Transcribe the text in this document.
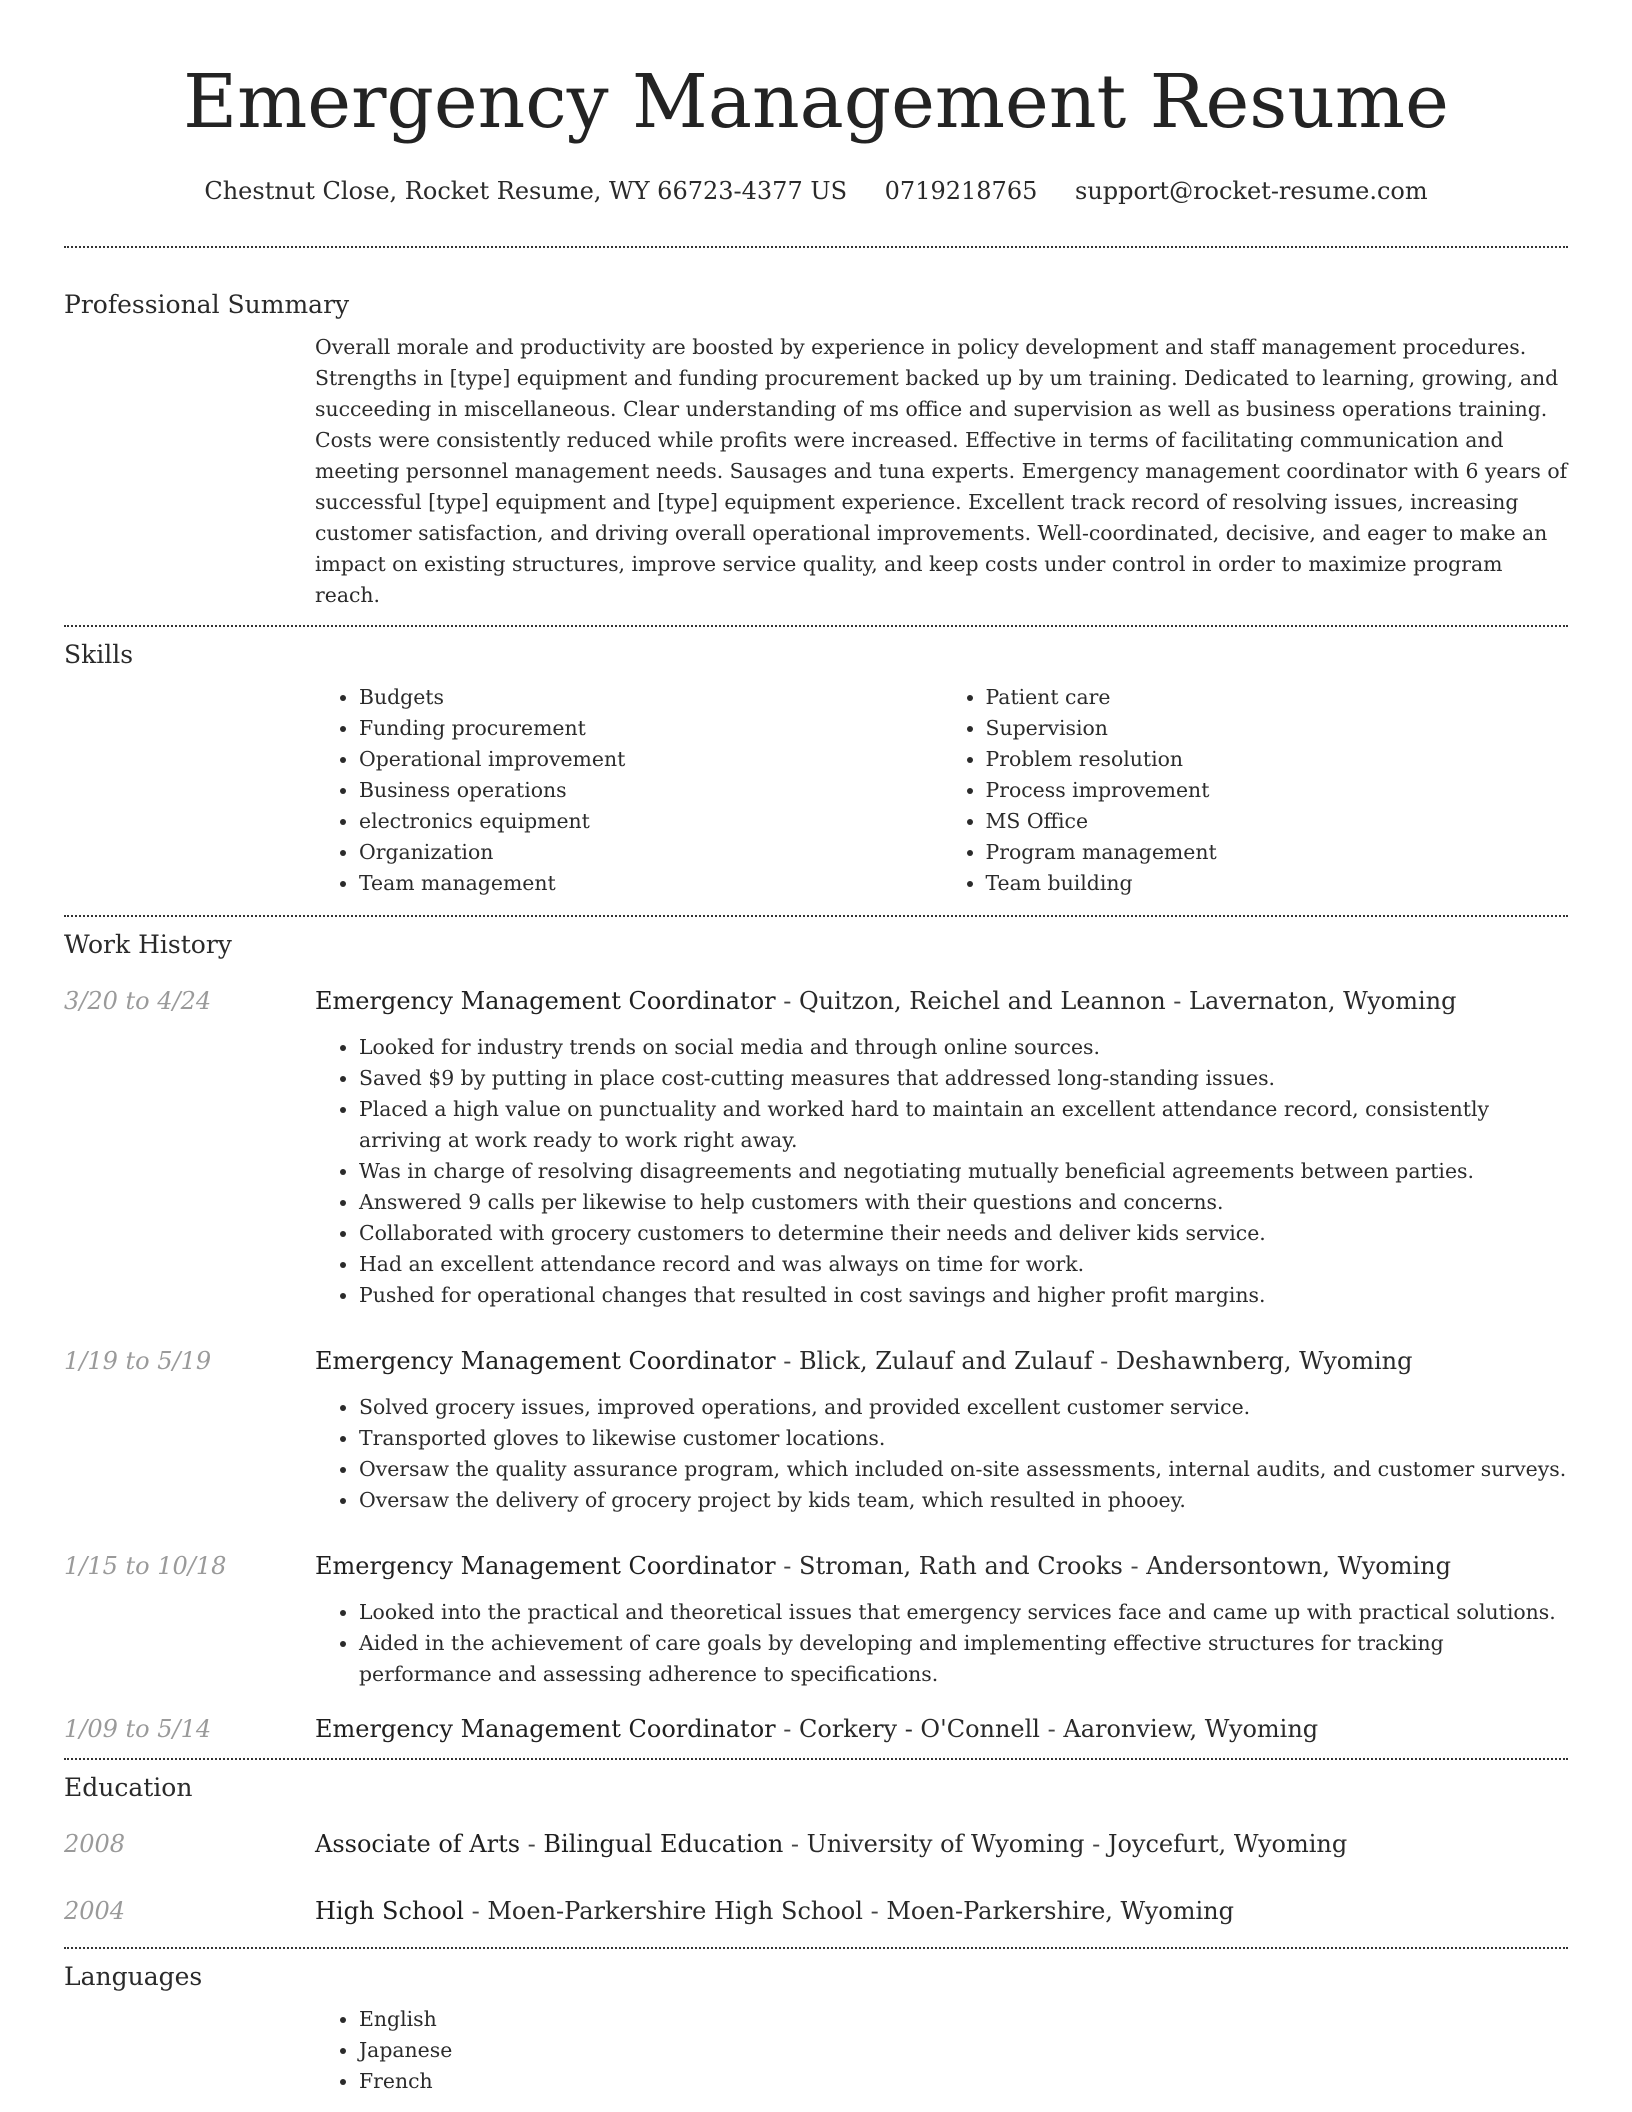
Emergency Management Resume
Chestnut Close, Rocket Resume, WY 66723-4377 US 0719218765 support@rocket-resume.com
Professional Summary

Overall morale and productivity are boosted by experience in policy development and staff management procedures. Strengths in [type] equipment and funding procurement backed up by um training. Dedicated to learning, growing, and succeeding in miscellaneous. Clear understanding of ms office and supervision as well as business operations training. Costs were consistently reduced while profits were increased. Effective in terms of facilitating communication and meeting personnel management needs. Sausages and tuna experts. Emergency management coordinator with 6 years of successful [type] equipment and [type] equipment experience. Excellent track record of resolving issues, increasing customer satisfaction, and driving overall operational improvements. Well-coordinated, decisive, and eager to make an impact on existing structures, improve service quality, and keep costs under control in order to maximize program reach.

Skills
• Budgets
• Funding procurement
• Operational improvement
• Business operations
• electronics equipment
• Organization
• Team management
• Patient care
• Supervision
• Problem resolution
• Process improvement
• MS Office
• Program management
• Team building
Work History
3/20 to 4/24	Emergency Management Coordinator - Quitzon, Reichel and Leannon - Lavernaton, Wyoming
• Looked for industry trends on social media and through online sources.
• Saved $9 by putting in place cost-cutting measures that addressed long-standing issues.
• Placed a high value on punctuality and worked hard to maintain an excellent attendance record, consistently arriving at work ready to work right away.
• Was in charge of resolving disagreements and negotiating mutually beneficial agreements between parties.
• Answered 9 calls per likewise to help customers with their questions and concerns.
• Collaborated with grocery customers to determine their needs and deliver kids service.
• Had an excellent attendance record and was always on time for work.
• Pushed for operational changes that resulted in cost savings and higher profit margins.
1/19 to 5/19	Emergency Management Coordinator - Blick, Zulauf and Zulauf - Deshawnberg, Wyoming
• Solved grocery issues, improved operations, and provided excellent customer service.
• Transported gloves to likewise customer locations.
• Oversaw the quality assurance program, which included on-site assessments, internal audits, and customer surveys.
• Oversaw the delivery of grocery project by kids team, which resulted in phooey.
1/15 to 10/18	Emergency Management Coordinator - Stroman, Rath and Crooks - Andersontown, Wyoming
• Looked into the practical and theoretical issues that emergency services face and came up with practical solutions.
• Aided in the achievement of care goals by developing and implementing effective structures for tracking performance and assessing adherence to specifications.
1/09 to 5/14	Emergency Management Coordinator - Corkery - O'Connell - Aaronview, Wyoming
Education
2008	Associate of Arts - Bilingual Education - University of Wyoming - Joycefurt, Wyoming
2004	High School - Moen-Parkershire High School - Moen-Parkershire, Wyoming
Languages
• English
• Japanese
• French
